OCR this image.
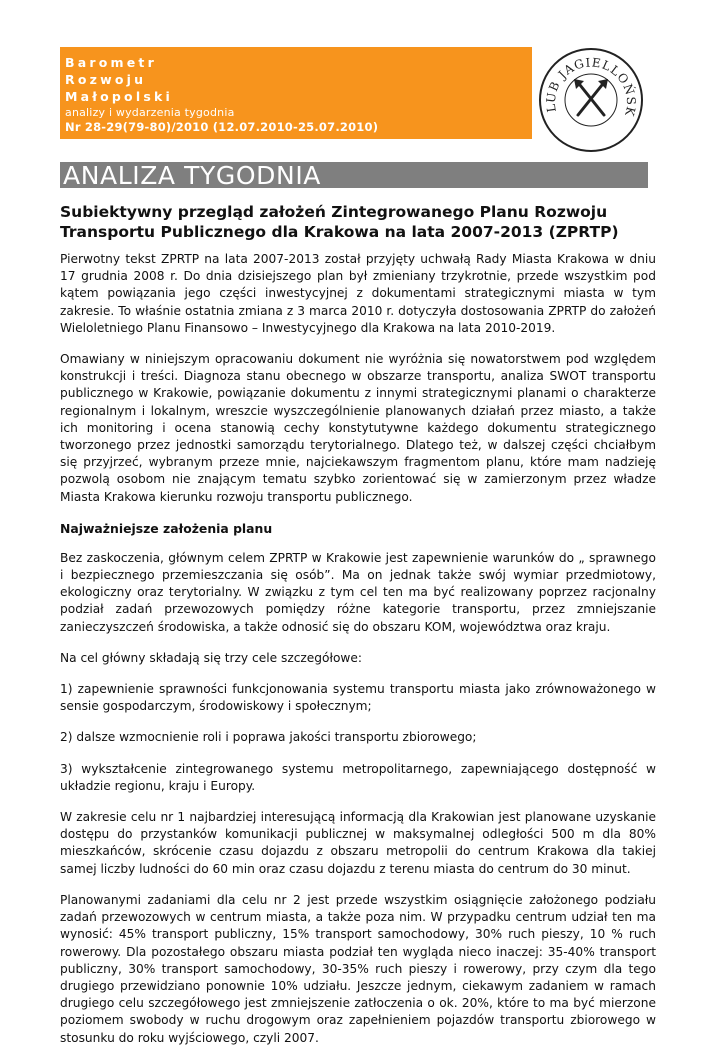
Barometr
Rozwoju
Małopolski
analizy i wydarzenia tygodnia
Nr 28-29(79-80)/2010 (12.07.2010-25.07.2010)
LUB JAGIELLOŃSK
ANALIZA TYGODNIA
Subiektywny przegląd założeń Zintegrowanego Planu Rozwoju Transportu Publicznego dla Krakowa na lata 2007-2013 (ZPRTP)

Pierwotny tekst ZPRTP na lata 2007-2013 został przyjęty uchwałą Rady Miasta Krakowa w dniu 17 grudnia 2008 r. Do dnia dzisiejszego plan był zmieniany trzykrotnie, przede wszystkim pod kątem powiązania jego części inwestycyjnej z dokumentami strategicznymi miasta w tym zakresie. To właśnie ostatnia zmiana z 3 marca 2010 r. dotyczyła dostosowania ZPRTP do założeń Wieloletniego Planu Finansowo – Inwestycyjnego dla Krakowa na lata 2010-2019.

Omawiany w niniejszym opracowaniu dokument nie wyróżnia się nowatorstwem pod względem konstrukcji i treści. Diagnoza stanu obecnego w obszarze transportu, analiza SWOT transportu publicznego w Krakowie, powiązanie dokumentu z innymi strategicznymi planami o charakterze regionalnym i lokalnym, wreszcie wyszczególnienie planowanych działań przez miasto, a także ich monitoring i ocena stanowią cechy konstytutywne każdego dokumentu strategicznego tworzonego przez jednostki samorządu terytorialnego. Dlatego też, w dalszej części chciałbym się przyjrzeć, wybranym przeze mnie, najciekawszym fragmentom planu, które mam nadzieję pozwolą osobom nie znającym tematu szybko zorientować się w zamierzonym przez władze Miasta Krakowa kierunku rozwoju transportu publicznego.

Najważniejsze założenia planu

Bez zaskoczenia, głównym celem ZPRTP w Krakowie jest zapewnienie warunków do „ sprawnego i bezpiecznego przemieszczania się osób”. Ma on jednak także swój wymiar przedmiotowy, ekologiczny oraz terytorialny. W związku z tym cel ten ma być realizowany poprzez racjonalny podział zadań przewozowych pomiędzy różne kategorie transportu, przez zmniejszanie zanieczyszczeń środowiska, a także odnosić się do obszaru KOM, województwa oraz kraju.

Na cel główny składają się trzy cele szczegółowe:

1) zapewnienie sprawności funkcjonowania systemu transportu miasta jako zrównoważonego w sensie gospodarczym, środowiskowy i społecznym;

2) dalsze wzmocnienie roli i poprawa jakości transportu zbiorowego;

3) wykształcenie zintegrowanego systemu metropolitarnego, zapewniającego dostępność w układzie regionu, kraju i Europy.

W zakresie celu nr 1 najbardziej interesującą informacją dla Krakowian jest planowane uzyskanie dostępu do przystanków komunikacji publicznej w maksymalnej odległości 500 m dla 80% mieszkańców, skrócenie czasu dojazdu z obszaru metropolii do centrum Krakowa dla takiej samej liczby ludności do 60 min oraz czasu dojazdu z terenu miasta do centrum do 30 minut.

Planowanymi zadaniami dla celu nr 2 jest przede wszystkim osiągnięcie założonego podziału zadań przewozowych w centrum miasta, a także poza nim. W przypadku centrum udział ten ma wynosić: 45% transport publiczny, 15% transport samochodowy, 30% ruch pieszy, 10 % ruch rowerowy. Dla pozostałego obszaru miasta podział ten wygląda nieco inaczej: 35-40% transport publiczny, 30% transport samochodowy, 30-35% ruch pieszy i rowerowy, przy czym dla tego drugiego przewidziano ponownie 10% udziału. Jeszcze jednym, ciekawym zadaniem w ramach drugiego celu szczegółowego jest zmniejszenie zatłoczenia o ok. 20%, które to ma być mierzone poziomem swobody w ruchu drogowym oraz zapełnieniem pojazdów transportu zbiorowego w stosunku do roku wyjściowego, czyli 2007.
